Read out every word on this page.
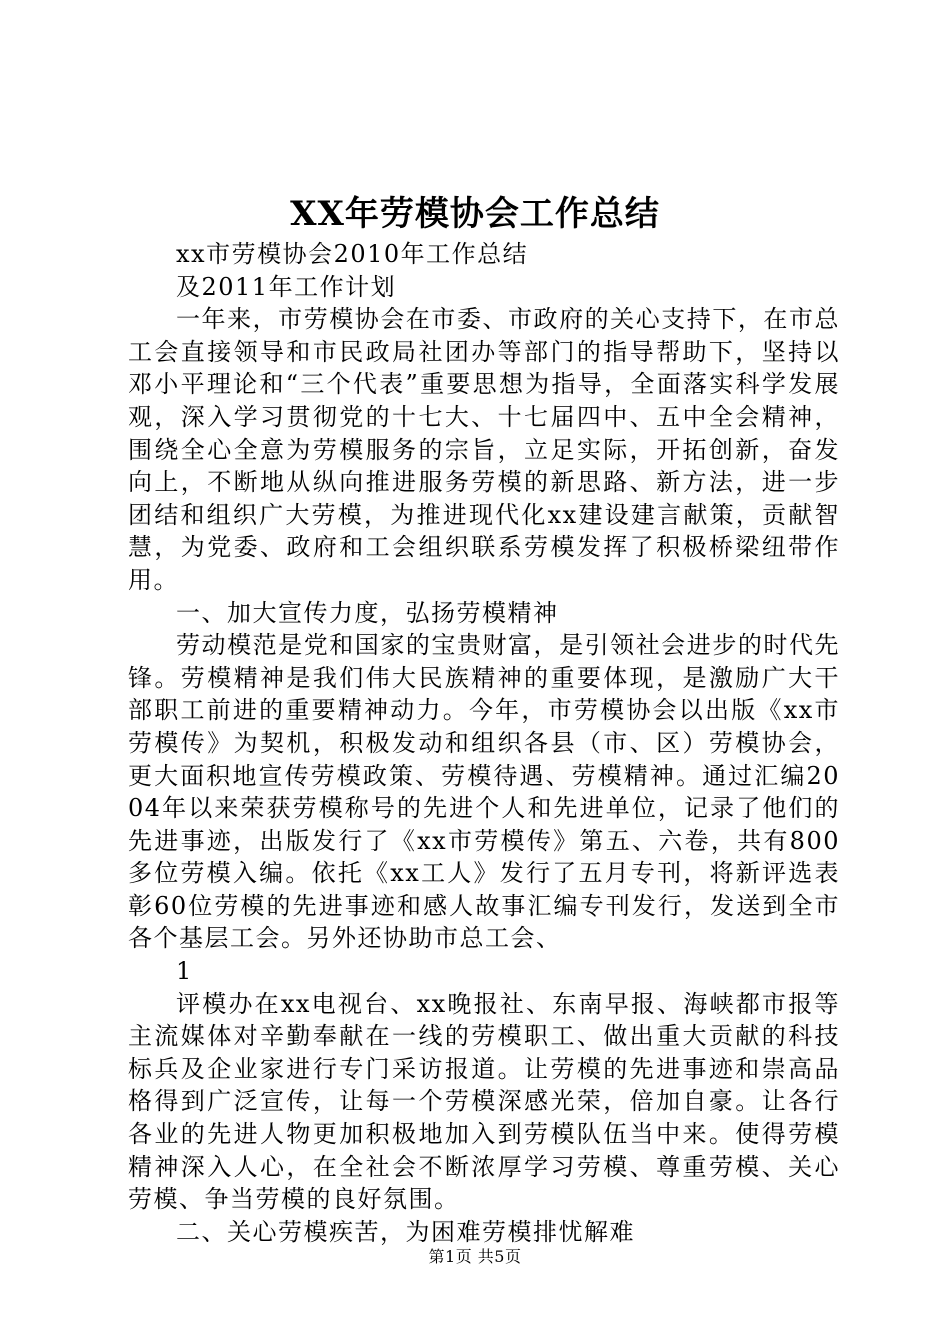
XX年劳模协会工作总结

xx市劳模协会2010年工作总结

及2011年工作计划

一年来，市劳模协会在市委、市政府的关心支持下，在市总工会直接领导和市民政局社团办等部门的指导帮助下，坚持以邓小平理论和“三个代表”重要思想为指导，全面落实科学发展观，深入学习贯彻党的十七大、十七届四中、五中全会精神，围绕全心全意为劳模服务的宗旨，立足实际，开拓创新，奋发向上，不断地从纵向推进服务劳模的新思路、新方法，进一步团结和组织广大劳模，为推进现代化xx建设建言献策，贡献智慧，为党委、政府和工会组织联系劳模发挥了积极桥梁纽带作用。

一、加大宣传力度，弘扬劳模精神

劳动模范是党和国家的宝贵财富，是引领社会进步的时代先锋。劳模精神是我们伟大民族精神的重要体现，是激励广大干部职工前进的重要精神动力。今年，市劳模协会以出版《xx市劳模传》为契机，积极发动和组织各县（市、区）劳模协会，更大面积地宣传劳模政策、劳模待遇、劳模精神。通过汇编2004年以来荣获劳模称号的先进个人和先进单位，记录了他们的先进事迹，出版发行了《xx市劳模传》第五、六卷，共有800多位劳模入编。依托《xx工人》发行了五月专刊，将新评选表彰60位劳模的先进事迹和感人故事汇编专刊发行，发送到全市各个基层工会。另外还协助市总工会、

1

评模办在xx电视台、xx晚报社、东南早报、海峡都市报等主流媒体对辛勤奉献在一线的劳模职工、做出重大贡献的科技标兵及企业家进行专门采访报道。让劳模的先进事迹和崇高品格得到广泛宣传，让每一个劳模深感光荣，倍加自豪。让各行各业的先进人物更加积极地加入到劳模队伍当中来。使得劳模精神深入人心，在全社会不断浓厚学习劳模、尊重劳模、关心劳模、争当劳模的良好氛围。

二、关心劳模疾苦，为困难劳模排忧解难

第1页 共5页
